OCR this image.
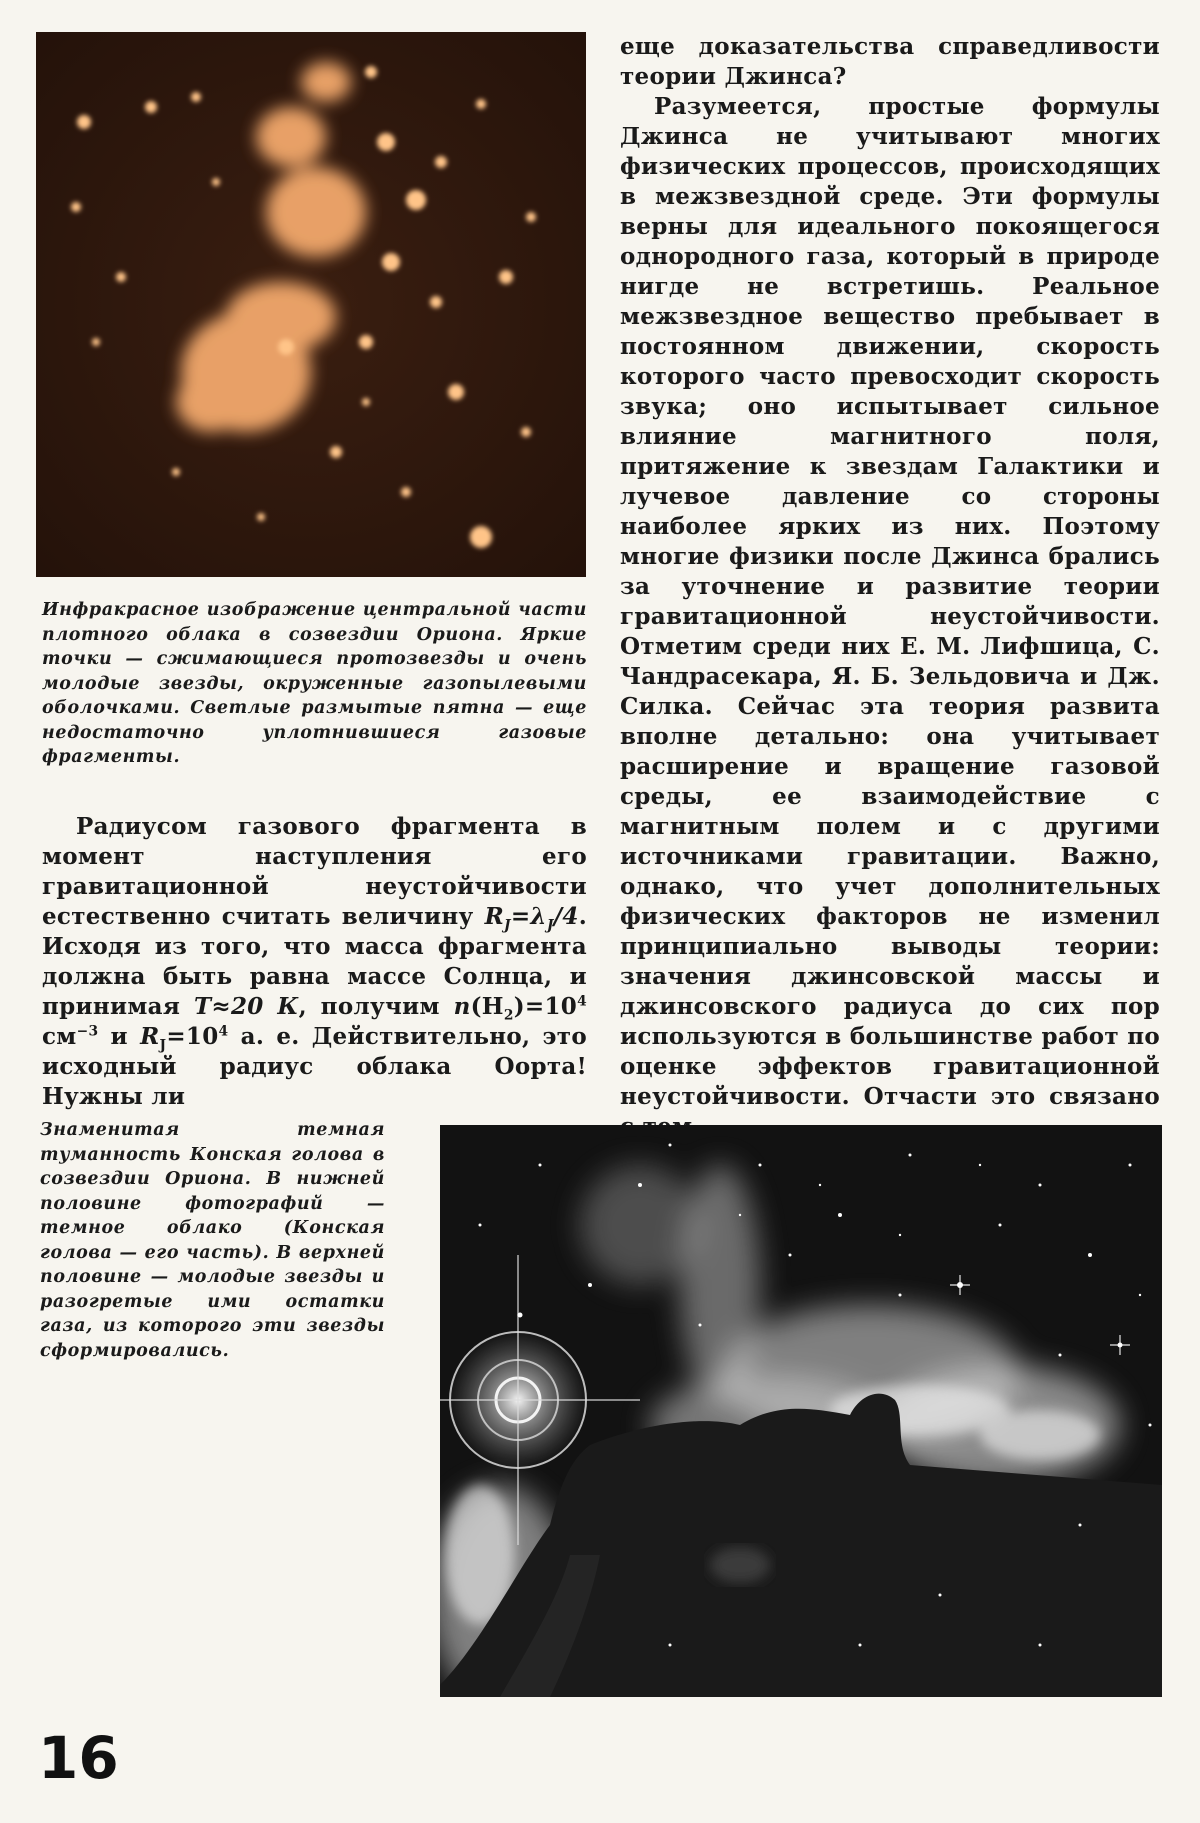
Инфракрасное изображение центральной части плотного облака в созвездии Ориона. Яркие точки — сжимающиеся протозвезды и очень молодые звезды, окруженные газопылевыми оболочками. Светлые размытые пятна — еще недостаточно уплотнившиеся газовые фрагменты.

Радиусом газового фрагмента в момент наступления его гравитационной неустойчивости естественно считать величину $R_J=\lambda_J/4$. Исходя из того, что масса фрагмента должна быть равна массе Солнца, и принимая T≈20 К, получим $n(H_2)=10^4$ $см^{-3}$ и $R_J=10^4$ а. е. Действительно, это исходный радиус облака Оорта! Нужны ли

еще доказательства справедливости теории Джинса?

Разумеется, простые формулы Джинса не учитывают многих физических процессов, происходящих в межзвездной среде. Эти формулы верны для идеального покоящегося однородного газа, который в природе нигде не встретишь. Реальное межзвездное вещество пребывает в постоянном движении, скорость которого часто превосходит скорость звука; оно испытывает сильное влияние магнитного поля, притяжение к звездам Галактики и лучевое давление со стороны наиболее ярких из них. Поэтому многие физики после Джинса брались за уточнение и развитие теории гравитационной неустойчивости. Отметим среди них Е. М. Лифшица, С. Чандрасекара, Я. Б. Зельдовича и Дж. Силка. Сейчас эта теория развита вполне детально: она учитывает расширение и вращение газовой среды, ее взаимодействие с магнитным полем и с другими источниками гравитации. Важно, однако, что учет дополнительных физических факторов не изменил принципиально выводы теории: значения джинсовской массы и джинсовского радиуса до сих пор используются в большинстве работ по оценке эффектов гравитационной неустойчивости. Отчасти это связано

Знаменитая темная туманность Конская голова в созвездии Ориона. В нижней половине фотографий — темное облако (Конская голова — его часть). В верхней половине — молодые звезды и разогретые ими остатки газа, из которого эти звезды сформировались.
16
